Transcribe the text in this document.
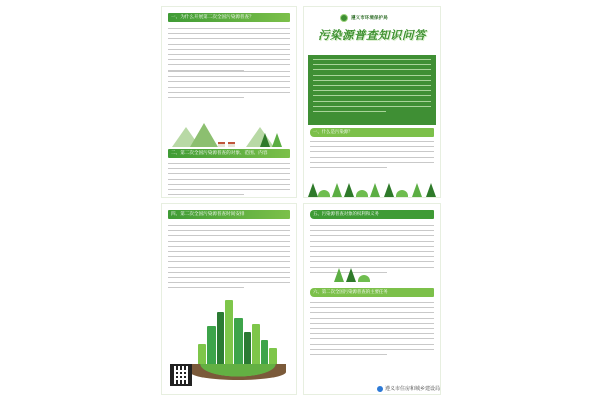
一、为什么开展第二次全国污染源普查？
二、第二次全国污染源普查的对象、范围、内容
遵义市环境保护局
污染源普查知识问答
一、什么是污染源？
四、第二次全国污染源普查时间安排	五、污染源普查对象的权利和义务
六、第二次全国污染源普查的主要任务
遵义市住房和城乡建设局
